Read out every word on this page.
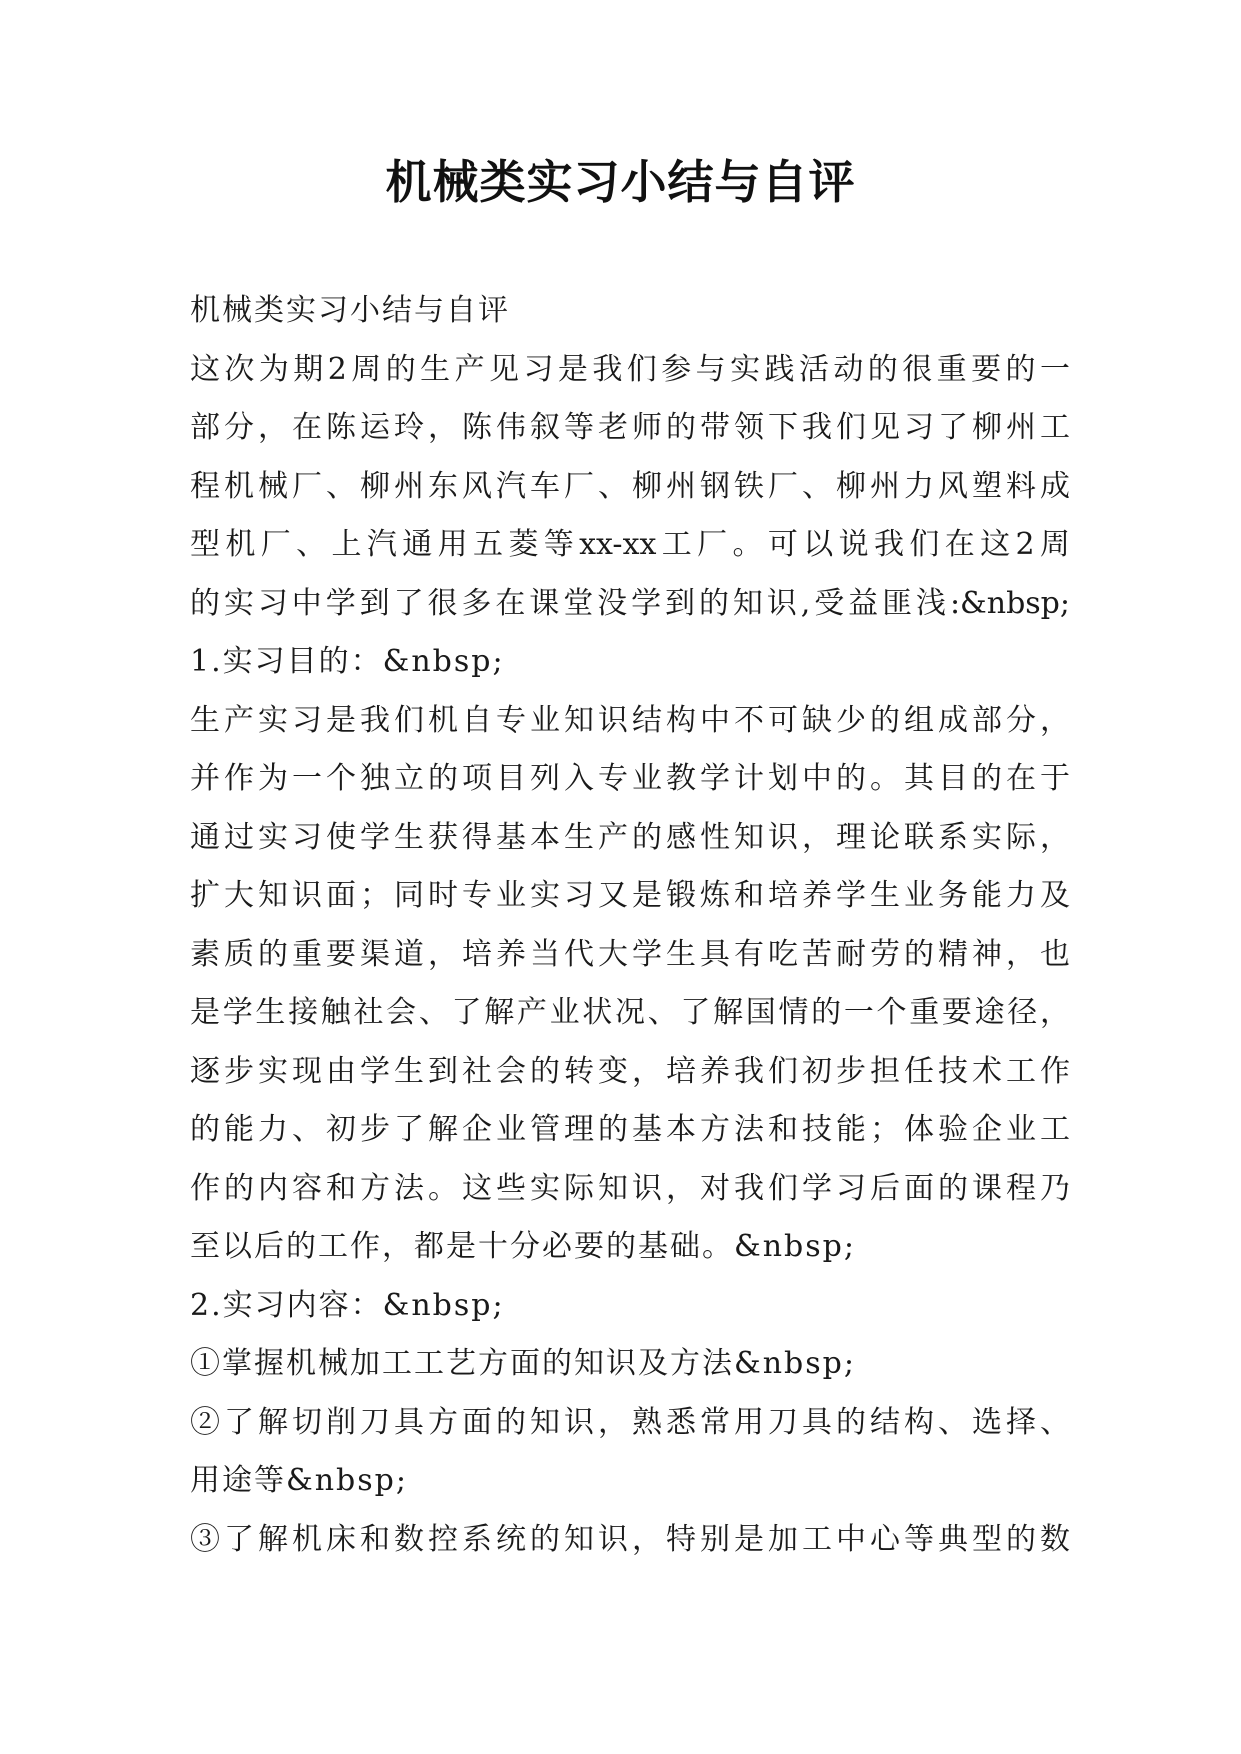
机械类实习小结与自评
机械类实习小结与自评
这次为期2周的生产见习是我们参与实践活动的很重要的一
部分，在陈运玲，陈伟叙等老师的带领下我们见习了柳州工
程机械厂、柳州东风汽车厂、柳州钢铁厂、柳州力风塑料成
型机厂、上汽通用五菱等xx-xx工厂。可以说我们在这2周
的实习中学到了很多在课堂没学到的知识,受益匪浅:&nbsp;
1.实习目的：&nbsp;
生产实习是我们机自专业知识结构中不可缺少的组成部分，
并作为一个独立的项目列入专业教学计划中的。其目的在于
通过实习使学生获得基本生产的感性知识，理论联系实际，
扩大知识面；同时专业实习又是锻炼和培养学生业务能力及
素质的重要渠道，培养当代大学生具有吃苦耐劳的精神，也
是学生接触社会、了解产业状况、了解国情的一个重要途径，
逐步实现由学生到社会的转变，培养我们初步担任技术工作
的能力、初步了解企业管理的基本方法和技能；体验企业工
作的内容和方法。这些实际知识，对我们学习后面的课程乃
至以后的工作，都是十分必要的基础。&nbsp;
2.实习内容：&nbsp;
①掌握机械加工工艺方面的知识及方法&nbsp;
②了解切削刀具方面的知识，熟悉常用刀具的结构、选择、
用途等&nbsp;
③了解机床和数控系统的知识，特别是加工中心等典型的数
